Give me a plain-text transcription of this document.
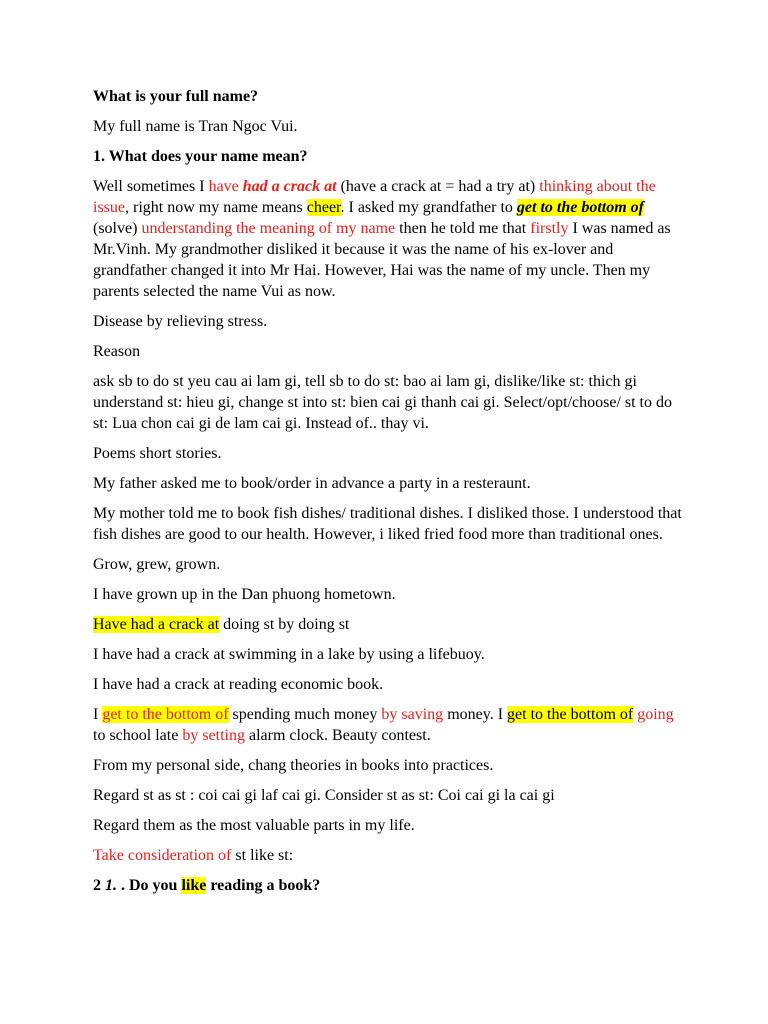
What is your full name?

My full name is Tran Ngoc Vui.

1. What does your name mean?

Well sometimes I have had a crack at (have a crack at = had a try at) thinking about the issue, right now my name means cheer. I asked my grandfather to get to the bottom of (solve) understanding the meaning of my name then he told me that firstly I was named as Mr.Vinh. My grandmother disliked it because it was the name of his ex-lover and grandfather changed it into Mr Hai. However, Hai was the name of my uncle. Then my parents selected the name Vui as now.

Disease by relieving stress.

Reason

ask sb to do st yeu cau ai lam gi, tell sb to do st: bao ai lam gi, dislike/like st: thich gi understand st: hieu gi, change st into st: bien cai gi thanh cai gi. Select/opt/choose/ st to do st: Lua chon cai gi de lam cai gi. Instead of.. thay vi.

Poems short stories.

My father asked me to book/order in advance a party in a resteraunt.

My mother told me to book fish dishes/ traditional dishes. I disliked those. I understood that fish dishes are good to our health. However, i liked fried food more than traditional ones.

Grow, grew, grown.

I have grown up in the Dan phuong hometown.

Have had a crack at doing st by doing st

I have had a crack at swimming in a lake by using a lifebuoy.

I have had a crack at reading economic book.

I get to the bottom of spending much money by saving money. I get to the bottom of going to school late by setting alarm clock. Beauty contest.

From my personal side, chang theories in books into practices.

Regard st as st : coi cai gi laf cai gi. Consider st as st: Coi cai gi la cai gi

Regard them as the most valuable parts in my life.

Take consideration of st like st:

2 1. . Do you like reading a book?
